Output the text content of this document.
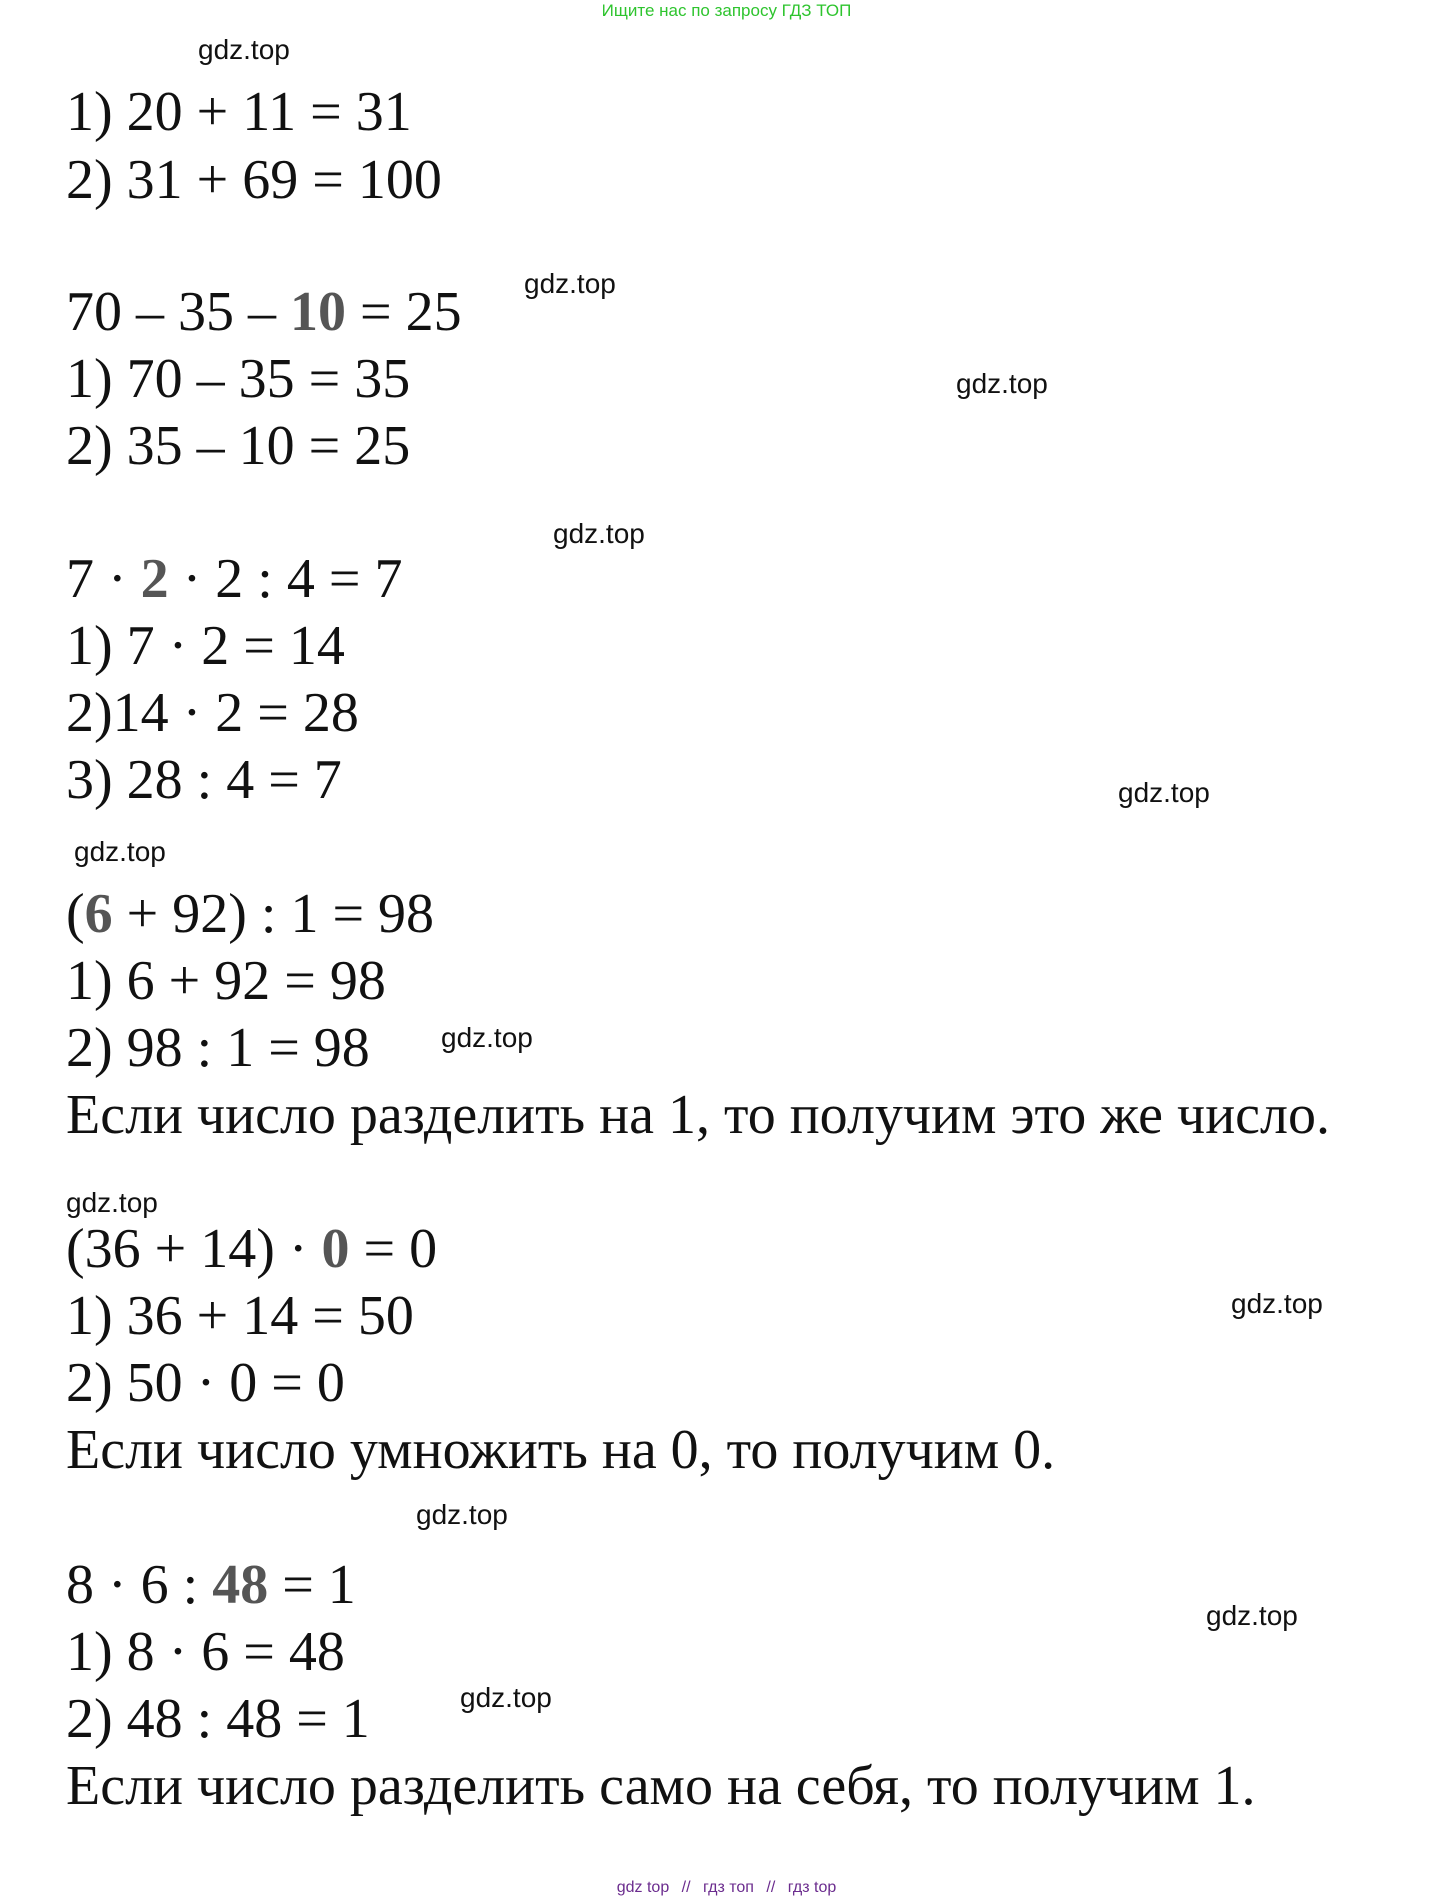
Ищите нас по запросу ГДЗ ТОП
gdz.top
gdz.top
gdz.top
gdz.top
gdz.top
gdz.top
gdz.top
gdz.top
gdz.top
gdz.top
gdz.top
gdz.top
1) 20 + 11 = 31
2) 31 + 69 = 100
70 – 35 – 10 = 25
1) 70 – 35 = 35
2) 35 – 10 = 25
7 · 2 · 2 : 4 = 7
1) 7 · 2 = 14
2)14 · 2 = 28
3) 28 : 4 = 7
(6 + 92) : 1 = 98
1) 6 + 92 = 98
2) 98 : 1 = 98
Если число разделить на 1, то получим это же число.
(36 + 14) · 0 = 0
1) 36 + 14 = 50
2) 50 · 0 = 0
Если число умножить на 0, то получим 0.
8 · 6 : 48 = 1
1) 8 · 6 = 48
2) 48 : 48 = 1
Если число разделить само на себя, то получим 1.
gdz top // гдз топ // гдз top
